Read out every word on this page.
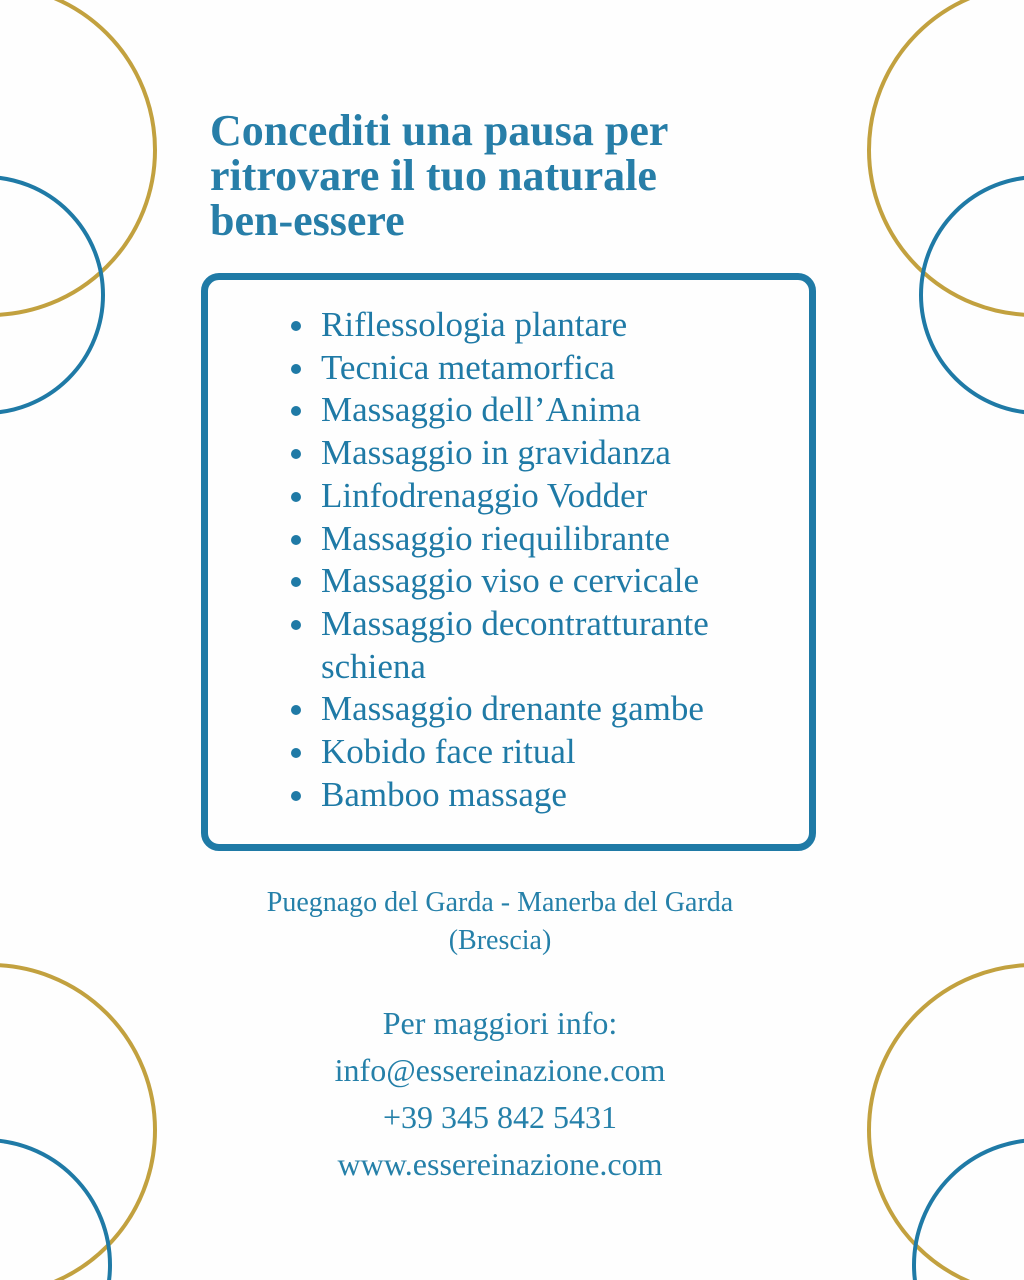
Concediti una pausa per
ritrovare il tuo naturale
ben-essere
Riflessologia plantare
Tecnica metamorfica
Massaggio dell’Anima
Massaggio in gravidanza
Linfodrenaggio Vodder
Massaggio riequilibrante
Massaggio viso e cervicale
Massaggio decontratturante schiena
Massaggio drenante gambe
Kobido face ritual
Bamboo massage

Puegnago del Garda - Manerba del Garda
(Brescia)

Per maggiori info:
info@essereinazione.com
+39 345 842 5431
www.essereinazione.com
